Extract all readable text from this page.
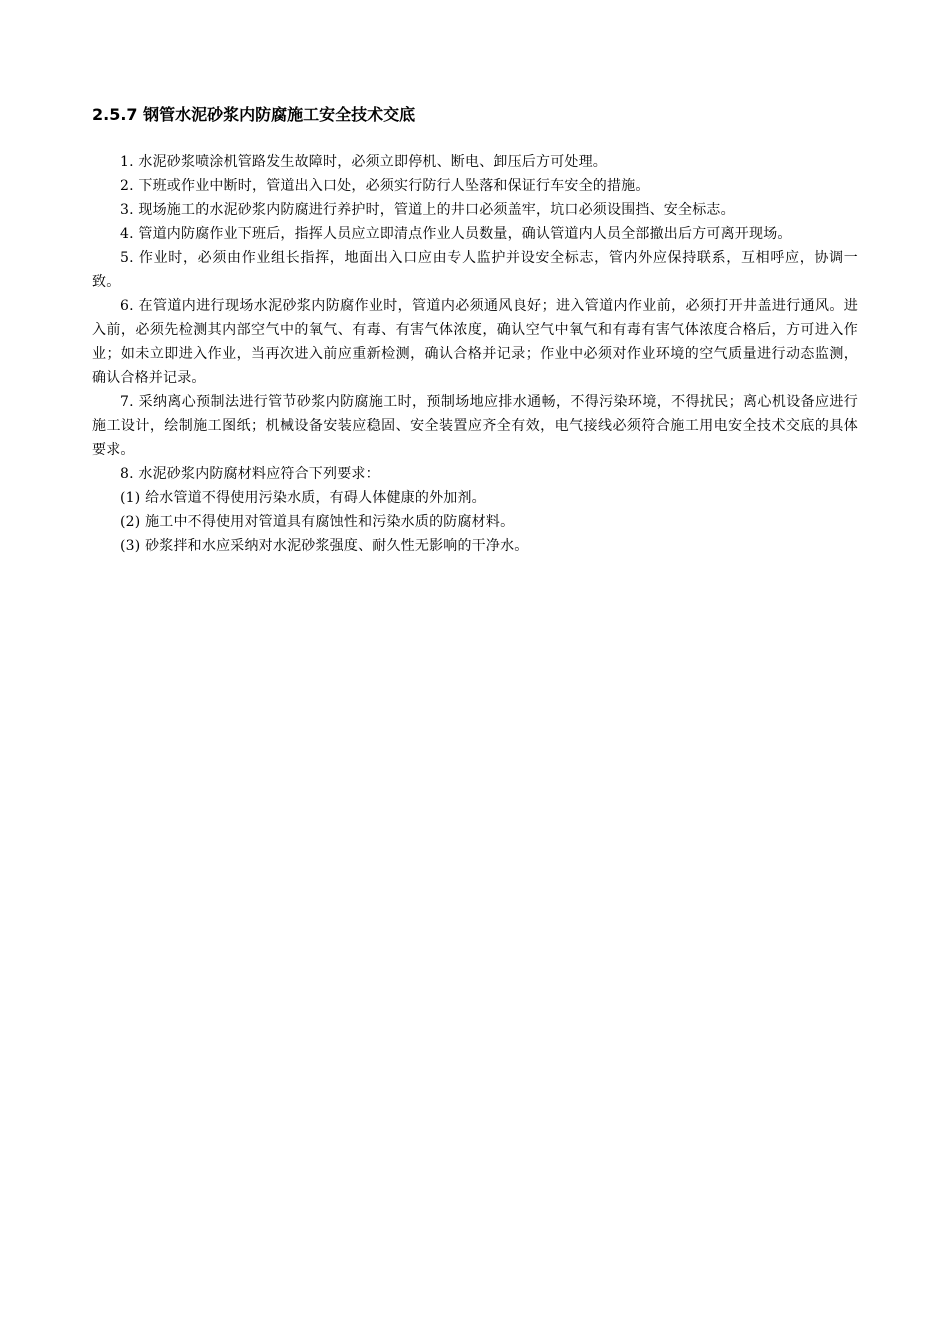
2.5.7 钢管水泥砂浆内防腐施工安全技术交底

1. 水泥砂浆喷涂机管路发生故障时，必须立即停机、断电、卸压后方可处理。

2. 下班或作业中断时，管道出入口处，必须实行防行人坠落和保证行车安全的措施。

3. 现场施工的水泥砂浆内防腐进行养护时，管道上的井口必须盖牢，坑口必须设围挡、安全标志。

4. 管道内防腐作业下班后，指挥人员应立即清点作业人员数量，确认管道内人员全部撤出后方可离开现场。

5. 作业时，必须由作业组长指挥，地面出入口应由专人监护并设安全标志，管内外应保持联系，互相呼应，协调一致。

6. 在管道内进行现场水泥砂浆内防腐作业时，管道内必须通风良好；进入管道内作业前，必须打开井盖进行通风。进入前，必须先检测其内部空气中的氧气、有毒、有害气体浓度，确认空气中氧气和有毒有害气体浓度合格后，方可进入作业；如未立即进入作业，当再次进入前应重新检测，确认合格并记录；作业中必须对作业环境的空气质量进行动态监测，确认合格并记录。

7. 采纳离心预制法进行管节砂浆内防腐施工时，预制场地应排水通畅，不得污染环境，不得扰民；离心机设备应进行施工设计，绘制施工图纸；机械设备安装应稳固、安全装置应齐全有效，电气接线必须符合施工用电安全技术交底的具体要求。

8. 水泥砂浆内防腐材料应符合下列要求：

(1) 给水管道不得使用污染水质，有碍人体健康的外加剂。

(2) 施工中不得使用对管道具有腐蚀性和污染水质的防腐材料。

(3) 砂浆拌和水应采纳对水泥砂浆强度、耐久性无影响的干净水。
